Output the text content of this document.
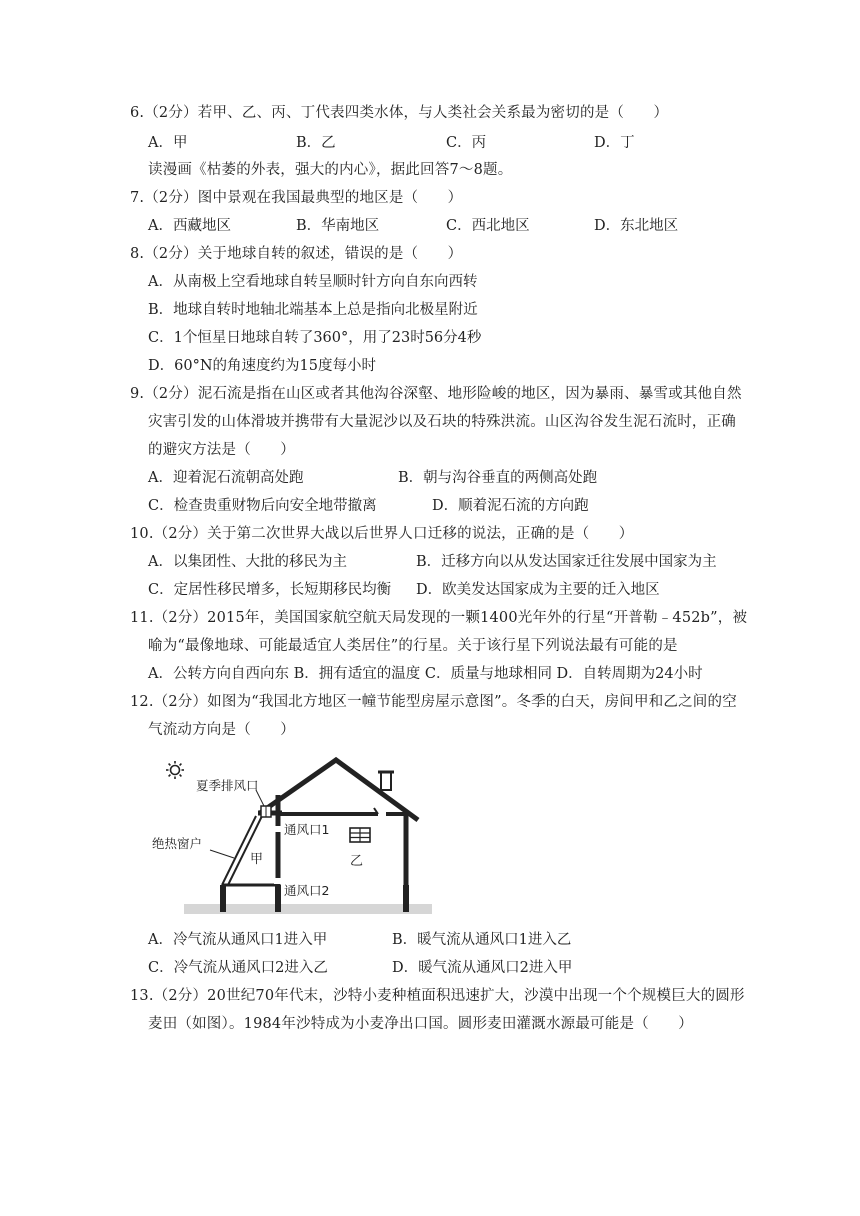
6.（2分）若甲、乙、丙、丁代表四类水体，与人类社会关系最为密切的是（　　）
A．甲	B．乙	C．丙	D．丁
读漫画《枯萎的外表，强大的内心》，据此回答7～8题。
7.（2分）图中景观在我国最典型的地区是（　　）
A．西藏地区	B．华南地区	C．西北地区	D．东北地区
8.（2分）关于地球自转的叙述，错误的是（　　）
A．从南极上空看地球自转呈顺时针方向自东向西转
B．地球自转时地轴北端基本上总是指向北极星附近
C．1个恒星日地球自转了360°，用了23时56分4秒
D．60°N的角速度约为15度每小时
9.（2分）泥石流是指在山区或者其他沟谷深壑、地形险峻的地区，因为暴雨、暴雪或其他自然
灾害引发的山体滑坡并携带有大量泥沙以及石块的特殊洪流。山区沟谷发生泥石流时，正确
的避灾方法是（　　）
A．迎着泥石流朝高处跑	B．朝与沟谷垂直的两侧高处跑
C．检查贵重财物后向安全地带撤离	D．顺着泥石流的方向跑
10.（2分）关于第二次世界大战以后世界人口迁移的说法，正确的是（　　）
A．以集团性、大批的移民为主	B．迁移方向以从发达国家迁往发展中国家为主
C．定居性移民增多，长短期移民均衡 D．欧美发达国家成为主要的迁入地区
11.（2分）2015年，美国国家航空航天局发现的一颗1400光年外的行星“开普勒﹣452b”，被
喻为“最像地球、可能最适宜人类居住”的行星。关于该行星下列说法最有可能的是
A．公转方向自西向东 B．拥有适宜的温度 C．质量与地球相同 D．自转周期为24小时
12.（2分）如图为“我国北方地区一幢节能型房屋示意图”。冬季的白天，房间甲和乙之间的空
气流动方向是（　　）
夏季排风口
绝热窗户
通风口1
通风口2
甲	乙
A．冷气流从通风口1进入甲	B．暖气流从通风口1进入乙
C．冷气流从通风口2进入乙	D．暖气流从通风口2进入甲
13.（2分）20世纪70年代末，沙特小麦种植面积迅速扩大，沙漠中出现一个个规模巨大的圆形
麦田（如图）。1984年沙特成为小麦净出口国。圆形麦田灌溉水源最可能是（　　）
